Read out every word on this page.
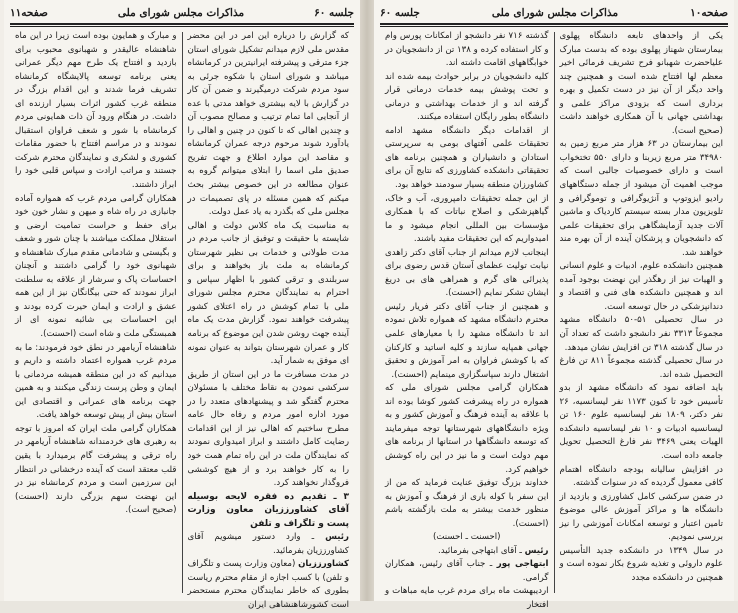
صفحه۱۱	مذاکرات مجلس شورای ملی	جلسه ۶۰

که گزارش را درباره این امر در این محضر مقدس ملی لازم میدانم تشکیل شورای استان جزء مترقی و پیشرفته ایرانیترین در کرمانشاه میباشد و شورای استان با شکوه جرئی به سود مردم شرکت درمیگیرند و ضمن آن کار در گزارش با لایه بیشتری خواهد مدتی با عده از آنجایی اما تمام ترتیب و مصالح مصوب آن و چندین اهالی که تا کنون در چنین و اهالی را یادآورد شوند مرحوم درجه عمران کرمانشاه و مقاصد این موارد اطلاع و جهت تفریح صدیق ملی اسما را ابتلای میتوانم گروه به عنوان مطالعه در این خصوص بیشتر بحث میکنم که همین مسئله در پای تصمیمات در مجلس ملی که بگذرد به یاد عمل دولت.

به مناسبت یک ماه کلاس دولت و اهالی شایسته با حقیقت و توفیق از جانب مردم در مدت طولانی و خدمات بی نظیر شهرستان کرمانشاه به ملت باز بخواهند و برای سربلندی و ترقی کشور با اظهار سپاس و احترام به نمایندگان محترم مجلس شورای ملی با تمام کوشش در راه اعتلای کشور پیشرفت خواهند نمود. گزارش مدت یک ماه آینده جهت روشن شدن این موضوع که برنامه کار و عمران شهرستان بتواند به عنوان نمونه ای موفق به شمار آید.

در مدت مسافرت ما در این استان از طریق سرکشی نمودن به نقاط مختلف با مسئولان محترم گفتگو شد و پیشنهادهای متعدد را در مورد اداره امور مردم و رفاه حال عامه مطرح ساختیم که اهالی نیز از این اقدامات رضایت کامل داشتند و ابراز امیدواری نمودند که نمایندگان ملت در این راه تمام همت خود را به کار خواهند برد و از هیچ کوششی فروگذار نخواهند کرد.

۳ ـ تقدیم ده فقره لایحه بوسیله آقای کشاورززیان معاون وزارت پست و تلگراف و تلفن

رئیس ـ وارد دستور میشویم آقای کشاورززیان بفرمائید.

کشاورززیان (معاون وزارت پست و تلگراف و تلفن) با کسب اجازه از مقام محترم ریاست بطوری که خاطر نمایندگان محترم مستحضر است کشورشاهنشاهی ایران

و مبارک و همایون بوده است زیرا در این ماه شاهنشاه عالیقدر و شهبانوی محبوب برای بازدید و افتتاح یک طرح مهم دیگر عمرانی یعنی برنامه توسعه پالایشگاه کرمانشاه تشریف فرما شدند و این اقدام بزرگ در منطقه غرب کشور اثرات بسیار ارزنده ای داشت. در هنگام ورود آن ذات همایونی مردم کرمانشاه با شور و شعف فراوان استقبال نمودند و در مراسم افتتاح با حضور مقامات کشوری و لشکری و نمایندگان محترم شرکت جستند و مراتب ارادت و سپاس قلبی خود را ابراز داشتند.

همکاران گرامی مردم غرب که همواره آماده جانبازی در راه شاه و میهن و نشار خون خود برای حفظ و حراست تمامیت ارضی و استقلال مملکت میباشند با چنان شور و شعف و بگیستی و شادمانی مقدم مبارک شاهنشاه و شهبانوی خود را گرامی داشتند و آنچنان احساسات پاک و سرشار از علاقه به سلطنت ابراز نمودند که حتی بیگانگان نیز از این همه عشق و ارادت و ایمان حیرت کرده بودند و این احساسات بی شائبه نمونه ای از همبستگی ملت و شاه است (احسنت).

شاهنشاه آریامهر در نطق خود فرمودند: ما به مردم غرب همواره اعتماد داشته و داریم و میدانیم که در این منطقه همیشه مردمانی با ایمان و وطن پرست زندگی میکنند و به همین جهت برنامه های عمرانی و اقتصادی این استان بیش از پیش توسعه خواهد یافت.

همکاران گرامی ملت ایران که امروز با توجه به رهبری های خردمندانه شاهنشاه آریامهر در راه ترقی و پیشرفت گام برمیدارد با یقین قلب معتقد است که آینده درخشانی در انتظار این سرزمین است و مردم کرمانشاه نیز در این نهضت سهم بزرگی دارند (احسنت) (صحیح است).

جلسه ۶۰	مذاکرات مجلس شورای ملی	صفحه۱۰

یکی از واحدهای تابعه دانشگاه پهلوی بیمارستان شهناز پهلوی بوده که بدست مبارک علیاحضرت شهبانو فرح تشریف فرمائی اخیر معظم لها افتتاح شده است و همچنین چند واحد دیگر از آن نیز در دست تکمیل و بهره برداری است که بزودی مراکز علمی و بهداشتی جهانی با آن همکاری خواهند داشت (صحیح است).

این بیمارستان در ۶۳ هزار متر مربع زمین به ۳۴۹۸۰ متر مربع زیربنا و دارای ۵۵۰ تختخواب است و دارای خصوصیات جالبی است که موجب اهمیت آن میشود از جمله دستگاههای رادیو ایزوتوپ و آنژیوگرافی و توموگرافی و تلویزیون مدار بسته سیستم کاردیاک و ماشین آلات جدید آزمایشگاهی برای تحقیقات علمی که دانشجویان و پزشکان آینده از آن بهره مند خواهند شد.

همچنین دانشکده علوم، ادبیات و علوم انسانی و الهیات نیز از رهگذر این نهضت بوجود آمده اند و همچنین دانشکده های فنی و اقتصاد و دندانپزشکی در حال توسعه است.

در سال تحصیلی ۵۱-۵۰ دانشگاه مشهد مجموعاً ۳۳۱۳ نفر دانشجو داشت که تعداد آن در سال گذشته ۳۱۸ تن افزایش نشان میدهد.

در سال تحصیلی گذشته مجموعاً ۸۱۱ تن فارغ التحصیل شده اند.

باید اضافه نمود که دانشگاه مشهد از بدو تأسیس خود تا کنون ۱۱۷۳ نفر لیسانسیه، ۲۶ نفر دکتر، ۱۸۰۹ نفر لیسانسیه علوم ۱۶۰ تن لیسانسیه ادبیات و ۱۰ نفر لیسانسیه دانشکده الهیات یعنی ۳۴۶۹ نفر فارغ التحصیل تحویل جامعه داده است.

در افزایش سالیانه بودجه دانشگاه اهتمام کافی معمول گردیده که در سنوات گذشته.

در ضمن سرکشی کامل کشاورزی و بازدید از دانشگاه ها و مراکز آموزش عالی موضوع تامین اعتبار و توسعه امکانات آموزشی را نیز بررسی نمودیم.

در سال ۱۳۴۹ در دانشکده جدید التأسیس علوم داروئی و تغذیه شروع بکار نموده است و همچنین در دانشکده مجدد

گذشته ۷۱۶ نفر دانشجو از امکانات پورس وام و کار استفاده کرده و ۱۳۸ تن از دانشجویان در خوابگاههای اقامت داشته اند.

کلیه دانشجویان در برابر حوادث بیمه شده اند و تحت پوشش بیمه خدمات درمانی قرار گرفته اند و از خدمات بهداشتی و درمانی دانشگاه بطور رایگان استفاده میکنند.

از اقدامات دیگر دانشگاه مشهد ادامه تحقیقات علمی آفتهای بومی به سرپرستی استادان و دانشیاران و همچنین برنامه های تحقیقاتی دانشکده کشاورزی که نتایج آن برای کشاورزان منطقه بسیار سودمند خواهد بود.

از این جمله تحقیقات دامپروری، آب و خاک، گیاهپزشکی و اصلاح نباتات که با همکاری مؤسسات بین المللی انجام میشود و ما امیدواریم که این تحقیقات مفید باشند.

اینجانب لازم میدانم از جناب آقای دکتر زاهدی نیابت تولیت عظمای آستان قدس رضوی برای پذیرائی های گرم و همراهی های بی دریغ ایشان تشکر نمایم (احسنت).

و همچنین از جناب آقای دکتر فریار رئیس محترم دانشگاه مشهد که همواره تلاش نموده اند تا دانشگاه مشهد را با معیارهای علمی جهانی همپایه سازند و کلیه اساتید و کارکنان که با کوشش فراوان به امر آموزش و تحقیق اشتغال دارند سپاسگزاری مینمایم (احسنت).

همکاران گرامی مجلس شورای ملی که همواره در راه پیشرفت کشور کوشا بوده اند با علاقه به آینده فرهنگ و آموزش کشور و به ویژه دانشگاههای شهرستانها توجه میفرمایند که توسعه دانشگاهها در استانها از برنامه های مهم دولت است و ما نیز در این راه کوشش خواهیم کرد.

خداوند بزرگ توفیق عنایت فرماید که من از این سفر با کوله باری از فرهنگ و آموزش به منظور خدمت بیشتر به ملت بازگشته باشم (احسنت).

(احسنت ـ احسنت)

رئیس ـ آقای ابتهاجی بفرمائید.

ابتهاجی پور ـ جناب آقای رئیس، همکاران گرامی.

اردیبهشت ماه برای مردم غرب مایه مباهات و افتخار
